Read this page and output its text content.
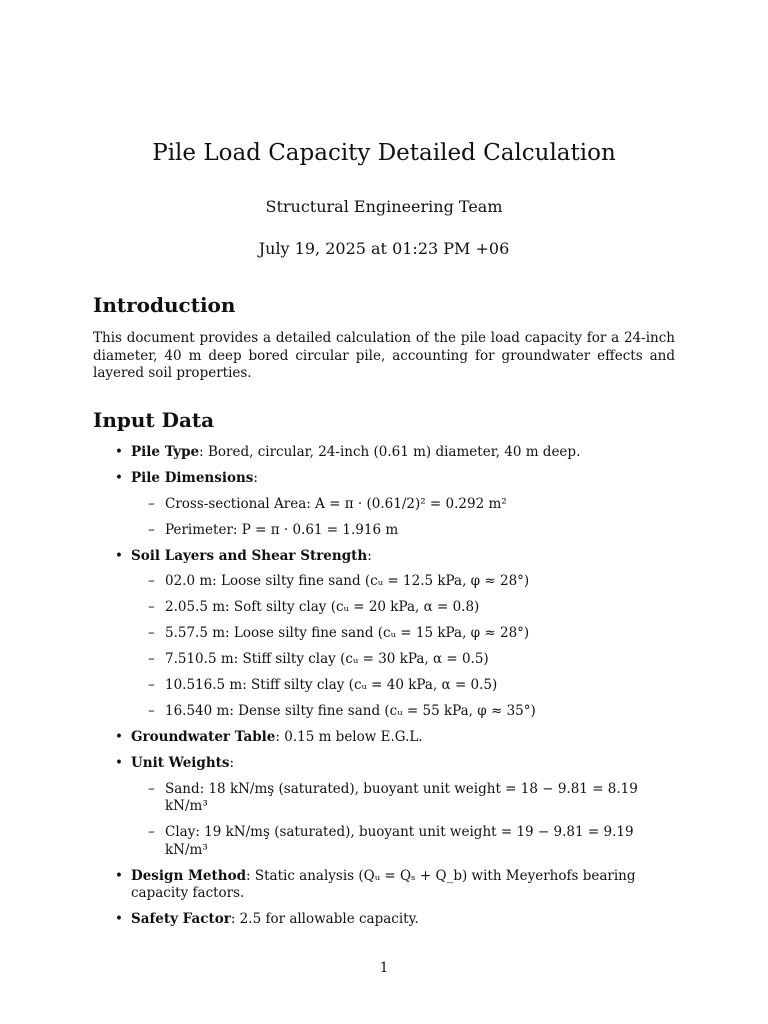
Pile Load Capacity Detailed Calculation
Structural Engineering Team
July 19, 2025 at 01:23 PM +06
Introduction

This document provides a detailed calculation of the pile load capacity for a 24-inch diameter, 40 m deep bored circular pile, accounting for groundwater effects and layered soil properties.

Input Data
• Pile Type: Bored, circular, 24-inch (0.61 m) diameter, 40 m deep.
• Pile Dimensions:
– Cross-sectional Area: A = π · (0.61/2)² = 0.292 m²
– Perimeter: P = π · 0.61 = 1.916 m
• Soil Layers and Shear Strength:
– 02.0 m: Loose silty fine sand (cᵤ = 12.5 kPa, φ ≈ 28°)
– 2.05.5 m: Soft silty clay (cᵤ = 20 kPa, α = 0.8)
– 5.57.5 m: Loose silty fine sand (cᵤ = 15 kPa, φ ≈ 28°)
– 7.510.5 m: Stiff silty clay (cᵤ = 30 kPa, α = 0.5)
– 10.516.5 m: Stiff silty clay (cᵤ = 40 kPa, α = 0.5)
– 16.540 m: Dense silty fine sand (cᵤ = 55 kPa, φ ≈ 35°)
• Groundwater Table: 0.15 m below E.G.L.
• Unit Weights:
– Sand: 18 kN/mş (saturated), buoyant unit weight = 18 − 9.81 = 8.19 kN/m³
– Clay: 19 kN/mş (saturated), buoyant unit weight = 19 − 9.81 = 9.19 kN/m³
• Design Method: Static analysis (Qᵤ = Qₛ + Q_b) with Meyerhofs bearing capacity factors.
• Safety Factor: 2.5 for allowable capacity.
1
